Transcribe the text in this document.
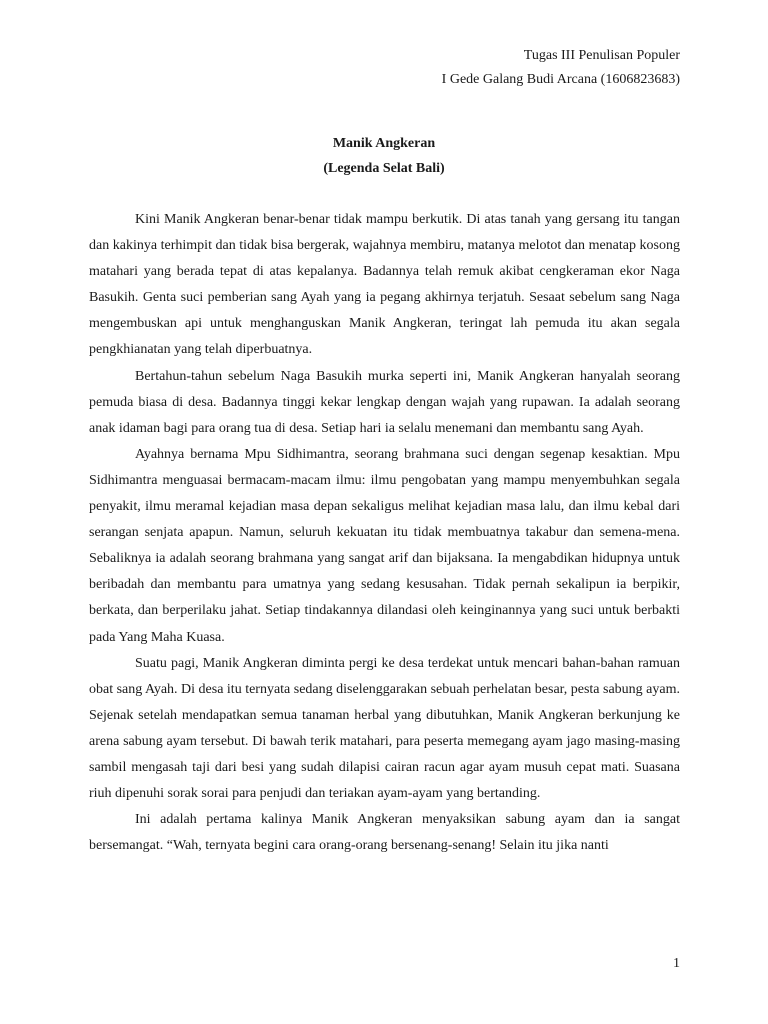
Tugas III Penulisan Populer
I Gede Galang Budi Arcana (1606823683)
Manik Angkeran
(Legenda Selat Bali)

Kini Manik Angkeran benar-benar tidak mampu berkutik. Di atas tanah yang gersang itu tangan dan kakinya terhimpit dan tidak bisa bergerak, wajahnya membiru, matanya melotot dan menatap kosong matahari yang berada tepat di atas kepalanya. Badannya telah remuk akibat cengkeraman ekor Naga Basukih. Genta suci pemberian sang Ayah yang ia pegang akhirnya terjatuh. Sesaat sebelum sang Naga mengembuskan api untuk menghanguskan Manik Angkeran, teringat lah pemuda itu akan segala pengkhianatan yang telah diperbuatnya.

Bertahun-tahun sebelum Naga Basukih murka seperti ini, Manik Angkeran hanyalah seorang pemuda biasa di desa. Badannya tinggi kekar lengkap dengan wajah yang rupawan. Ia adalah seorang anak idaman bagi para orang tua di desa. Setiap hari ia selalu menemani dan membantu sang Ayah.

Ayahnya bernama Mpu Sidhimantra, seorang brahmana suci dengan segenap kesaktian. Mpu Sidhimantra menguasai bermacam-macam ilmu: ilmu pengobatan yang mampu menyembuhkan segala penyakit, ilmu meramal kejadian masa depan sekaligus melihat kejadian masa lalu, dan ilmu kebal dari serangan senjata apapun. Namun, seluruh kekuatan itu tidak membuatnya takabur dan semena-mena. Sebaliknya ia adalah seorang brahmana yang sangat arif dan bijaksana. Ia mengabdikan hidupnya untuk beribadah dan membantu para umatnya yang sedang kesusahan. Tidak pernah sekalipun ia berpikir, berkata, dan berperilaku jahat. Setiap tindakannya dilandasi oleh keinginannya yang suci untuk berbakti pada Yang Maha Kuasa.

Suatu pagi, Manik Angkeran diminta pergi ke desa terdekat untuk mencari bahan-bahan ramuan obat sang Ayah. Di desa itu ternyata sedang diselenggarakan sebuah perhelatan besar, pesta sabung ayam. Sejenak setelah mendapatkan semua tanaman herbal yang dibutuhkan, Manik Angkeran berkunjung ke arena sabung ayam tersebut. Di bawah terik matahari, para peserta memegang ayam jago masing-masing sambil mengasah taji dari besi yang sudah dilapisi cairan racun agar ayam musuh cepat mati. Suasana riuh dipenuhi sorak sorai para penjudi dan teriakan ayam-ayam yang bertanding.

Ini adalah pertama kalinya Manik Angkeran menyaksikan sabung ayam dan ia sangat bersemangat. “Wah, ternyata begini cara orang-orang bersenang-senang! Selain itu jika nanti

1
